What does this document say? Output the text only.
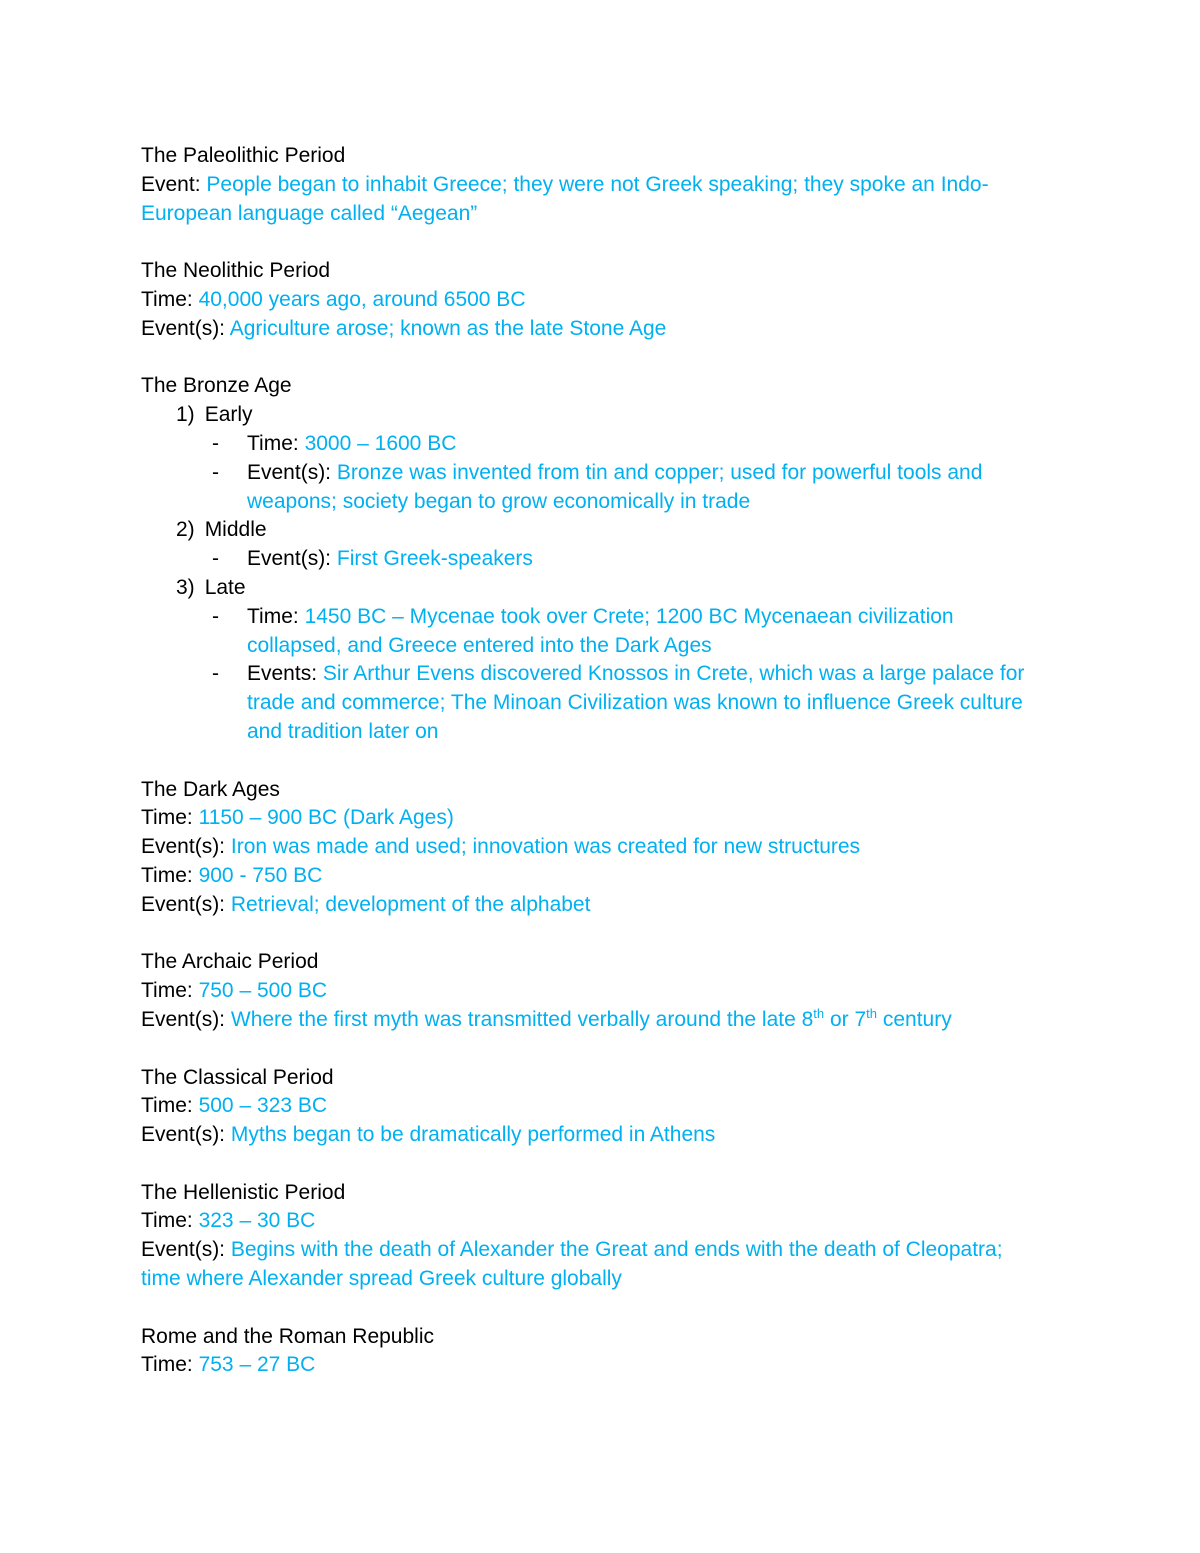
The Paleolithic Period
Event: People began to inhabit Greece; they were not Greek speaking; they spoke an Indo-
European language called “Aegean”
The Neolithic Period
Time: 40,000 years ago, around 6500 BC
Event(s): Agriculture arose; known as the late Stone Age
The Bronze Age
1) Early
-	Time: 3000 – 1600 BC
-	Event(s): Bronze was invented from tin and copper; used for powerful tools and
weapons; society began to grow economically in trade
2) Middle
-	Event(s): First Greek-speakers
3) Late
-	Time: 1450 BC – Mycenae took over Crete; 1200 BC Mycenaean civilization
collapsed, and Greece entered into the Dark Ages
-	Events: Sir Arthur Evens discovered Knossos in Crete, which was a large palace for
trade and commerce; The Minoan Civilization was known to influence Greek culture
and tradition later on
The Dark Ages
Time: 1150 – 900 BC (Dark Ages)
Event(s): Iron was made and used; innovation was created for new structures
Time: 900 - 750 BC
Event(s): Retrieval; development of the alphabet
The Archaic Period
Time: 750 – 500 BC
Event(s): Where the first myth was transmitted verbally around the late 8th or 7th century
The Classical Period
Time: 500 – 323 BC
Event(s): Myths began to be dramatically performed in Athens
The Hellenistic Period
Time: 323 – 30 BC
Event(s): Begins with the death of Alexander the Great and ends with the death of Cleopatra;
time where Alexander spread Greek culture globally
Rome and the Roman Republic
Time: 753 – 27 BC
